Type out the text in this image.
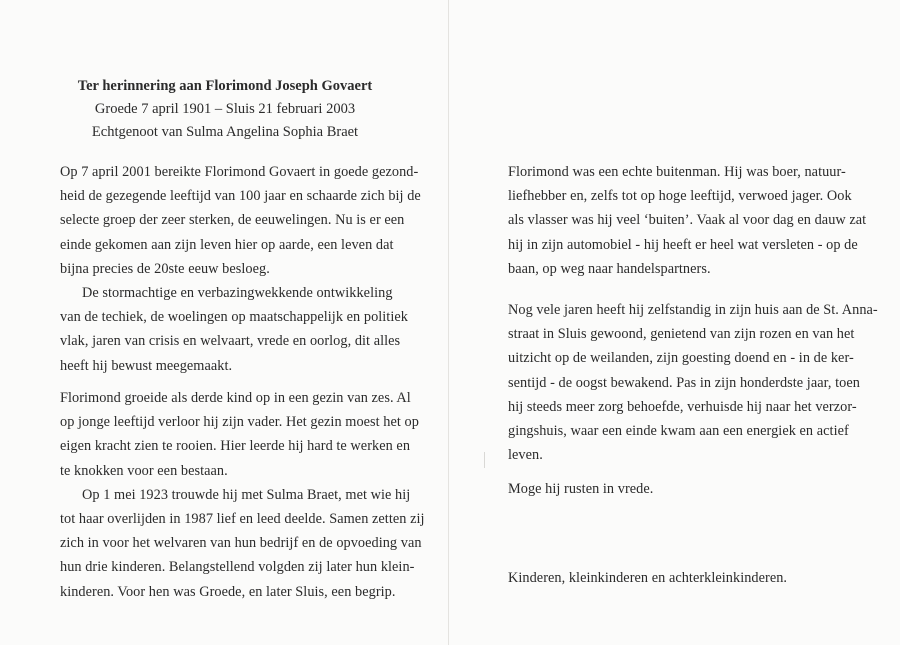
Ter herinnering aan Florimond Joseph Govaert
Groede 7 april 1901 – Sluis 21 februari 2003
Echtgenoot van Sulma Angelina Sophia Braet

Op 7 april 2001 bereikte Florimond Govaert in goede gezond-
heid de gezegende leeftijd van 100 jaar en schaarde zich bij de
selecte groep der zeer sterken, de eeuwelingen. Nu is er een
einde gekomen aan zijn leven hier op aarde, een leven dat
bijna precies de 20ste eeuw besloeg.

De stormachtige en verbazingwekkende ontwikkeling
van de techiek, de woelingen op maatschappelijk en politiek
vlak, jaren van crisis en welvaart, vrede en oorlog, dit alles
heeft hij bewust meegemaakt.

Florimond groeide als derde kind op in een gezin van zes. Al
op jonge leeftijd verloor hij zijn vader. Het gezin moest het op
eigen kracht zien te rooien. Hier leerde hij hard te werken en
te knokken voor een bestaan.

Op 1 mei 1923 trouwde hij met Sulma Braet, met wie hij
tot haar overlijden in 1987 lief en leed deelde. Samen zetten zij
zich in voor het welvaren van hun bedrijf en de opvoeding van
hun drie kinderen. Belangstellend volgden zij later hun klein-
kinderen. Voor hen was Groede, en later Sluis, een begrip.

Florimond was een echte buitenman. Hij was boer, natuur-
liefhebber en, zelfs tot op hoge leeftijd, verwoed jager. Ook
als vlasser was hij veel ‘buiten’. Vaak al voor dag en dauw zat
hij in zijn automobiel - hij heeft er heel wat versleten - op de
baan, op weg naar handelspartners.

Nog vele jaren heeft hij zelfstandig in zijn huis aan de St. Anna-
straat in Sluis gewoond, genietend van zijn rozen en van het
uitzicht op de weilanden, zijn goesting doend en - in de ker-
sentijd - de oogst bewakend. Pas in zijn honderdste jaar, toen
hij steeds meer zorg behoefde, verhuisde hij naar het verzor-
gingshuis, waar een einde kwam aan een energiek en actief
leven.

Moge hij rusten in vrede.

Kinderen, kleinkinderen en achterkleinkinderen.
